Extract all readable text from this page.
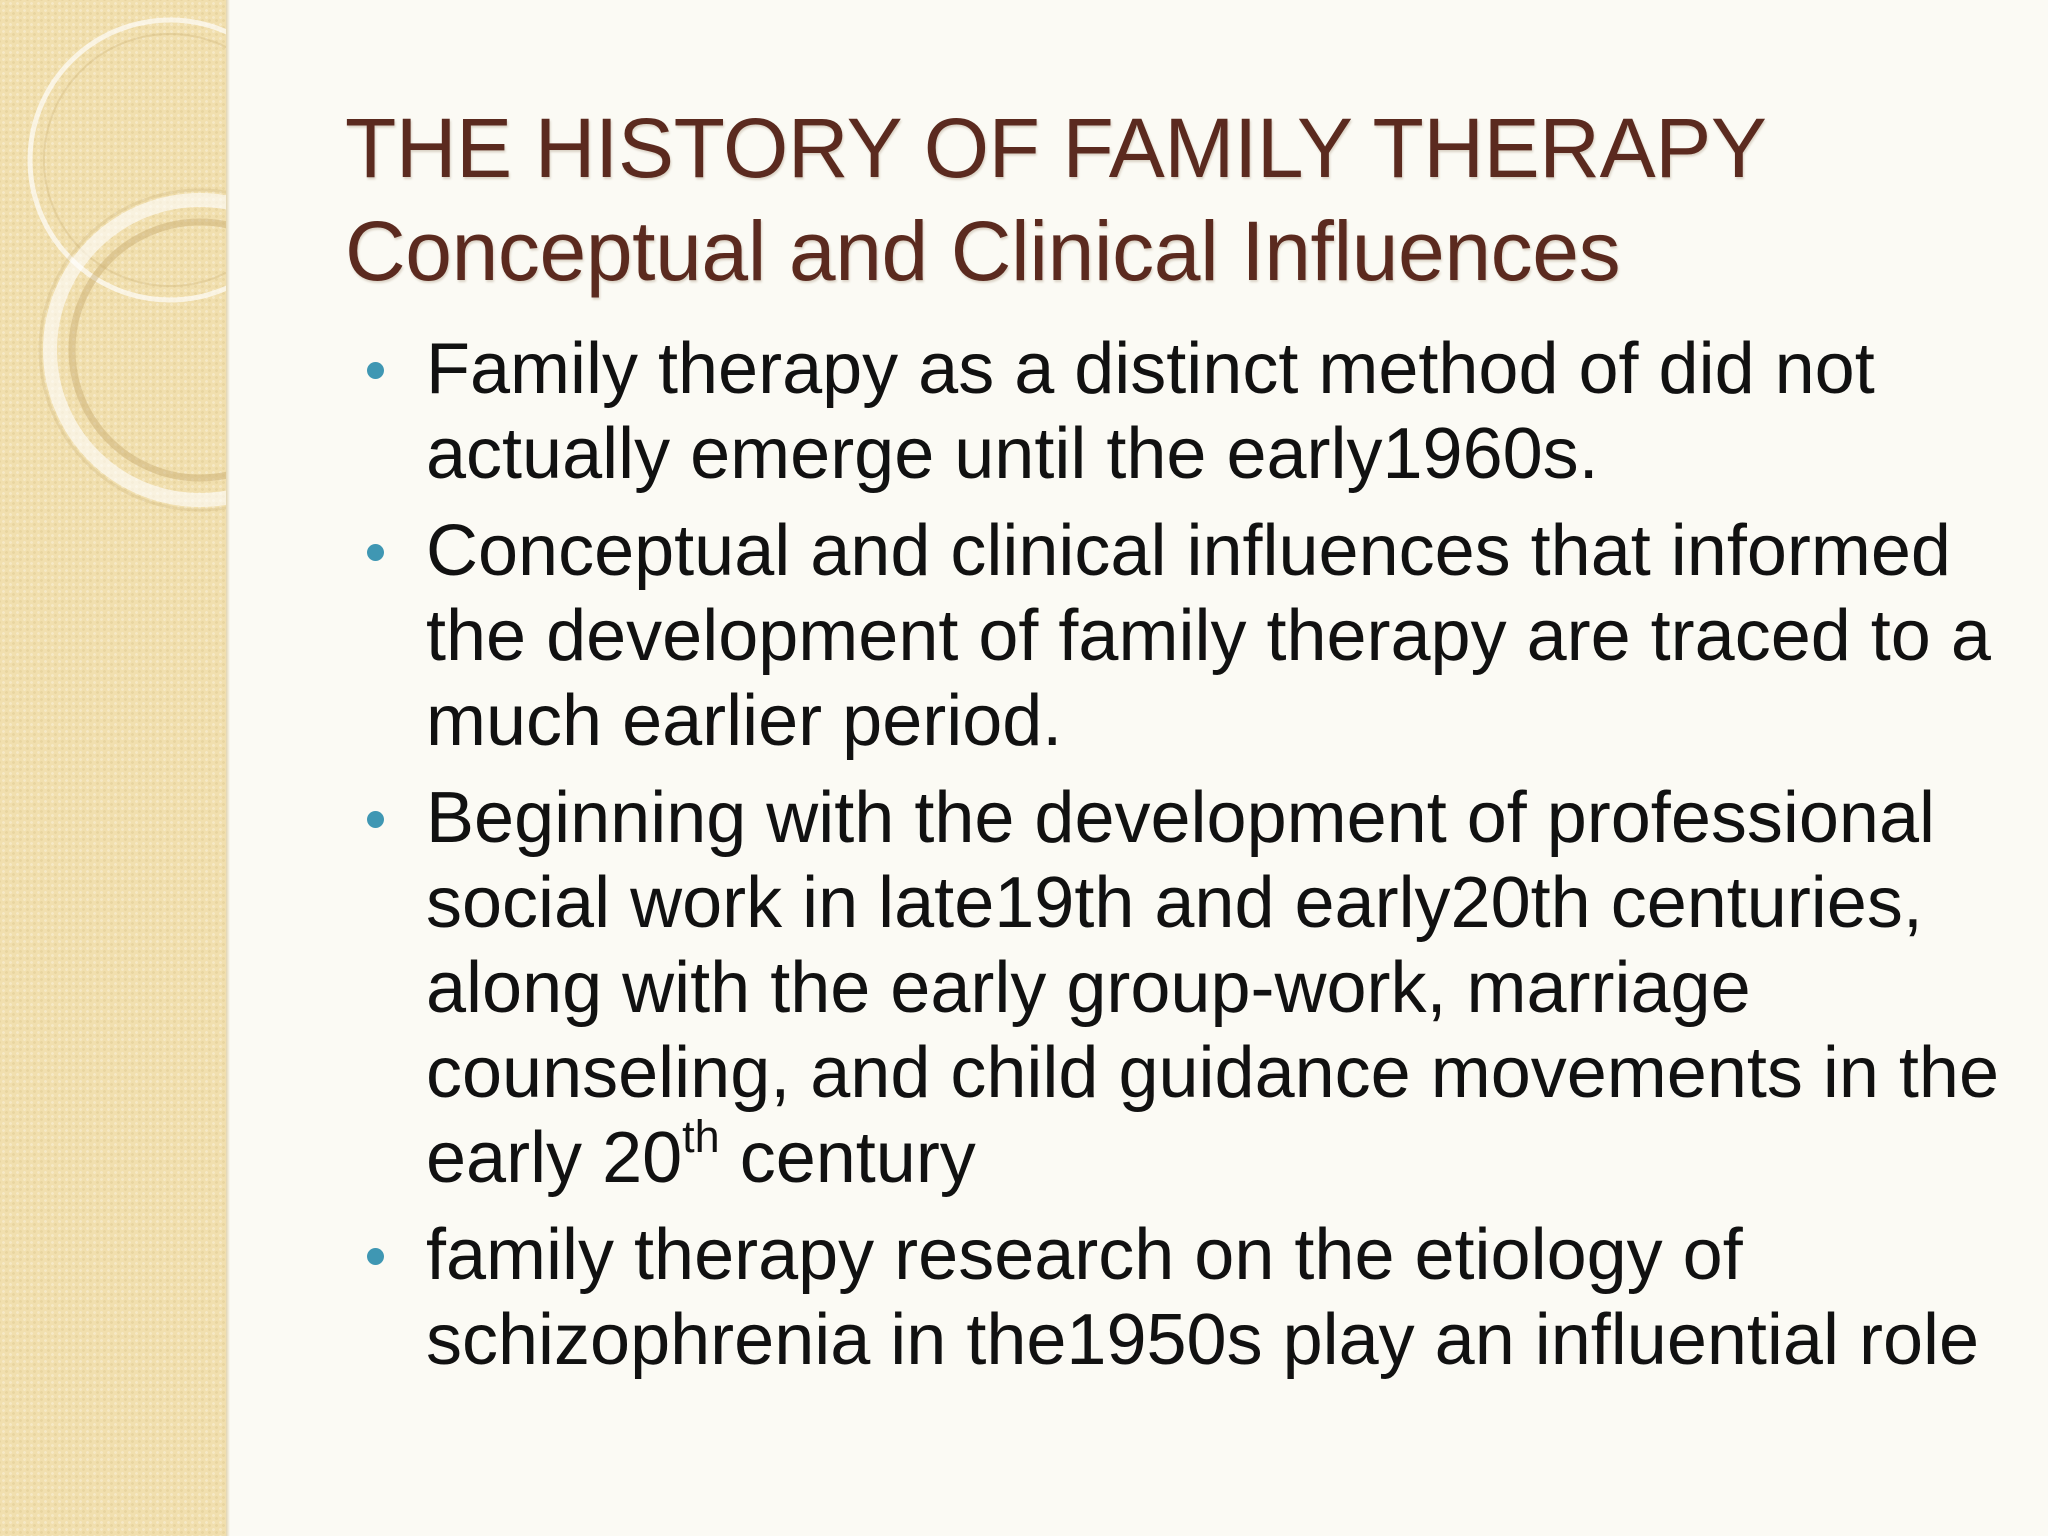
THE HISTORY OF FAMILY THERAPY
Conceptual and Clinical Influences
Family therapy as a distinct method of did not actually emerge until the early1960s.
Conceptual and clinical influences that informed the development of family therapy are traced to a much earlier period.
Beginning with the development of professional social work in late19th and early20th centuries, along with the early group-work, marriage counseling, and child guidance movements in the early 20th century
family therapy research on the etiology of schizophrenia in the1950s play an influential role
